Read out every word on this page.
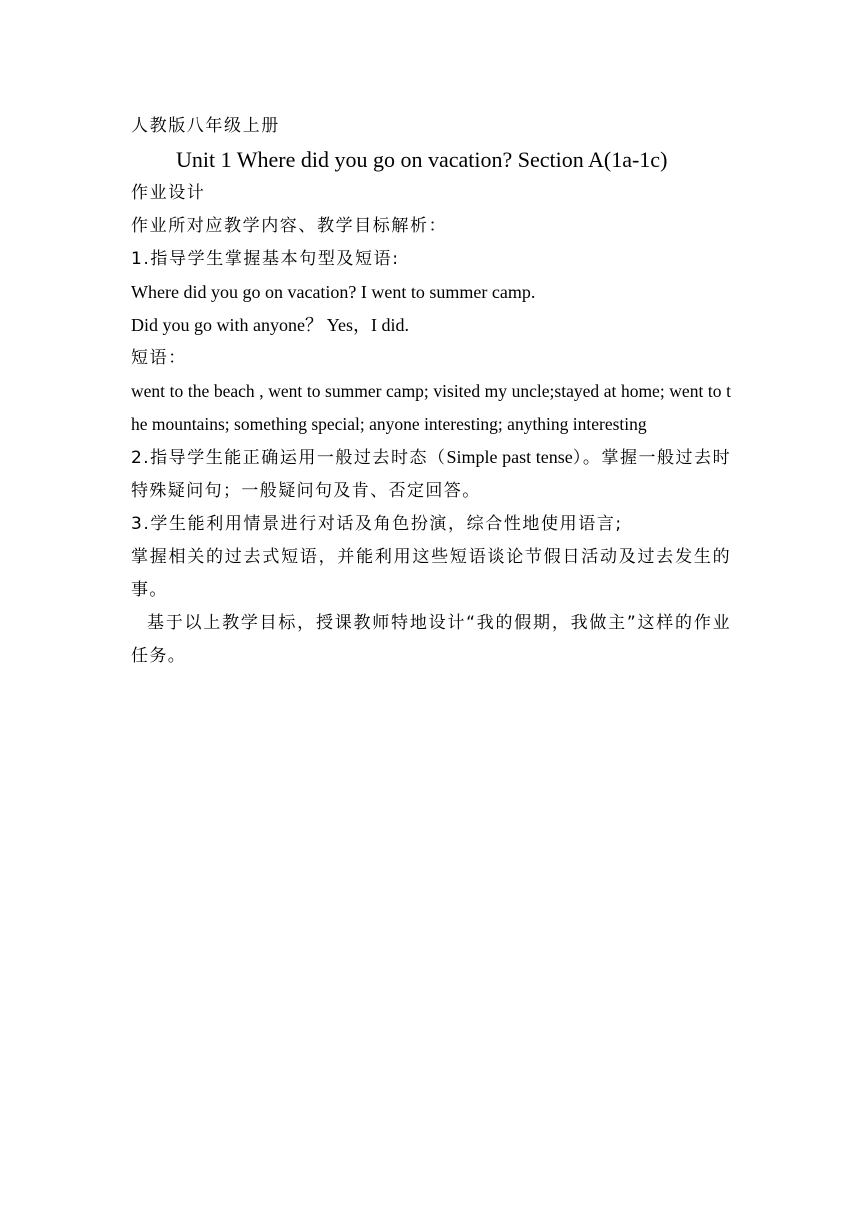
人教版八年级上册
Unit 1 Where did you go on vacation? Section A(1a-1c)
作业设计
作业所对应教学内容、教学目标解析：
1.指导学生掌握基本句型及短语:
Where did you go on vacation? I went to summer camp.
Did you go with anyone？ Yes，I did.
短语：
went to the beach , went to summer camp; visited my uncle;stayed at home; went to the mountains; something special; anyone interesting; anything interesting
2.指导学生能正确运用一般过去时态（Simple past tense）。掌握一般过去时特殊疑问句；一般疑问句及肯、否定回答。
3.学生能利用情景进行对话及角色扮演，综合性地使用语言;
掌握相关的过去式短语，并能利用这些短语谈论节假日活动及过去发生的事。
基于以上教学目标，授课教师特地设计“我的假期，我做主”这样的作业任务。
